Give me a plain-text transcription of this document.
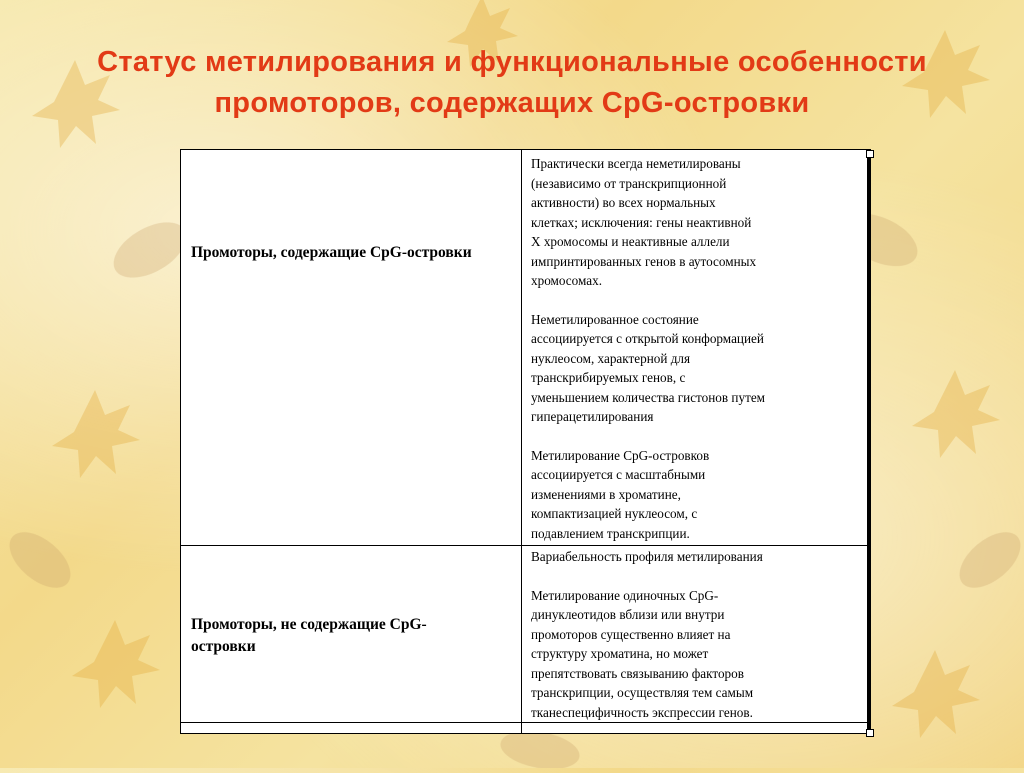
Статус метилирования и функциональные особенности
промоторов, содержащих CpG-островки
Промоторы, содержащие CpG-островки

Практически всегда неметилированы
(независимо от транскрипционной
активности) во всех нормальных
клетках; исключения: гены неактивной
X хромосомы и неактивные аллели
импринтированных генов в аутосомных
хромосомах.

Неметилированное состояние
ассоциируется с открытой конформацией
нуклеосом, характерной для
транскрибируемых генов, с
уменьшением количества гистонов путем
гиперацетилирования

Метилирование CpG-островков
ассоциируется с масштабными
изменениями в хроматине,
компактизацией нуклеосом, с
подавлением транскрипции.

Промоторы, не содержащие CpG-островки

Вариабельность профиля метилирования

Метилирование одиночных CpG-
динуклеотидов вблизи или внутри
промоторов существенно влияет на
структуру хроматина, но может
препятствовать связыванию факторов
транскрипции, осуществляя тем самым
тканеспецифичность экспрессии генов.
